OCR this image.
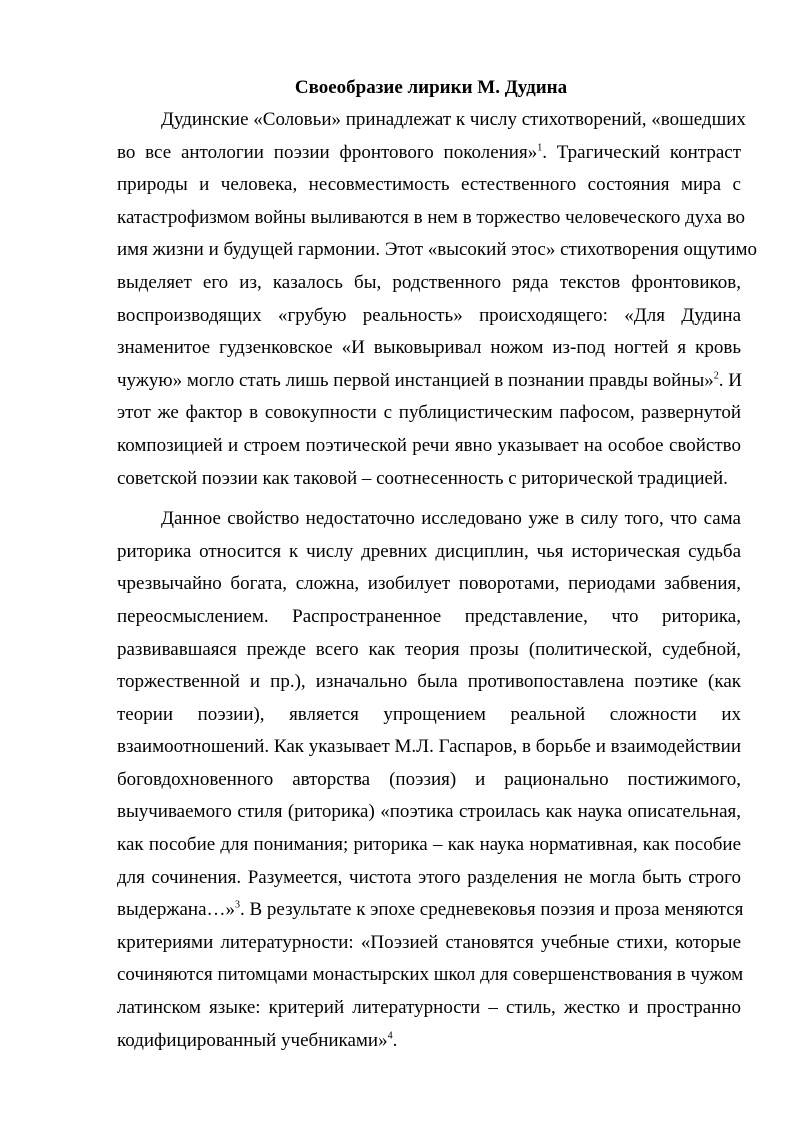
Своеобразие лирики М. Дудина

Дудинские «Соловьи» принадлежат к числу стихотворений, «вошедших
во все антологии поэзии фронтового поколения»$^1$. Трагический контраст
природы и человека, несовместимость естественного состояния мира с
катастрофизмом войны выливаются в нем в торжество человеческого духа во
имя жизни и будущей гармонии. Этот «высокий этос» стихотворения ощутимо
выделяет его из, казалось бы, родственного ряда текстов фронтовиков,
воспроизводящих «грубую реальность» происходящего: «Для Дудина
знаменитое гудзенковское «И выковыривал ножом из-под ногтей я кровь
чужую» могло стать лишь первой инстанцией в познании правды войны»$^2$. И
этот же фактор в совокупности с публицистическим пафосом, развернутой
композицией и строем поэтической речи явно указывает на особое свойство
советской поэзии как таковой – соотнесенность с риторической традицией.

Данное свойство недостаточно исследовано уже в силу того, что сама
риторика относится к числу древних дисциплин, чья историческая судьба
чрезвычайно богата, сложна, изобилует поворотами, периодами забвения,
переосмыслением. Распространенное представление, что риторика,
развивавшаяся прежде всего как теория прозы (политической, судебной,
торжественной и пр.), изначально была противопоставлена поэтике (как
теории поэзии), является упрощением реальной сложности их
взаимоотношений. Как указывает М.Л. Гаспаров, в борьбе и взаимодействии
боговдохновенного авторства (поэзия) и рационально постижимого,
выучиваемого стиля (риторика) «поэтика строилась как наука описательная,
как пособие для понимания; риторика – как наука нормативная, как пособие
для сочинения. Разумеется, чистота этого разделения не могла быть строго
выдержана…»$^3$. В результате к эпохе средневековья поэзия и проза меняются
критериями литературности: «Поэзией становятся учебные стихи, которые
сочиняются питомцами монастырских школ для совершенствования в чужом
латинском языке: критерий литературности – стиль, жестко и пространно
кодифицированный учебниками»$^4$.
